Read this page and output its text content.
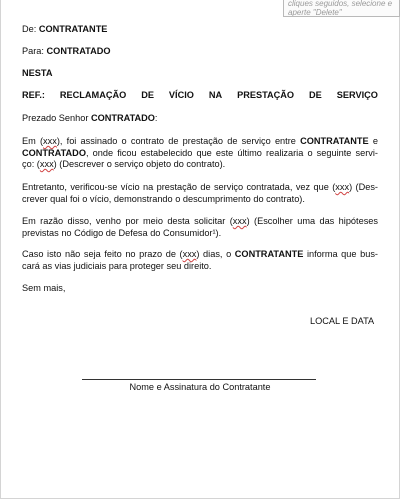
cliques seguidos, selecione e
aperte "Delete"
De: CONTRATANTE
Para: CONTRATADO
NESTA
REF.: RECLAMAÇÃO DE VÍCIO NA PRESTAÇÃO DE SERVIÇO
Prezado Senhor CONTRATADO:
Em (xxx), foi assinado o contrato de prestação de serviço entre CONTRATANTE e
CONTRATADO, onde ficou estabelecido que este último realizaria o seguinte servi-
ço: (xxx) (Descrever o serviço objeto do contrato).
Entretanto, verificou-se vício na prestação de serviço contratada, vez que (xxx) (Des-
crever qual foi o vício, demonstrando o descumprimento do contrato).
Em razão disso, venho por meio desta solicitar (xxx) (Escolher uma das hipóteses
previstas no Código de Defesa do Consumidor¹).
Caso isto não seja feito no prazo de (xxx) dias, o CONTRATANTE informa que bus-
cará as vias judiciais para proteger seu direito.
Sem mais,
LOCAL E DATA
Nome e Assinatura do Contratante
